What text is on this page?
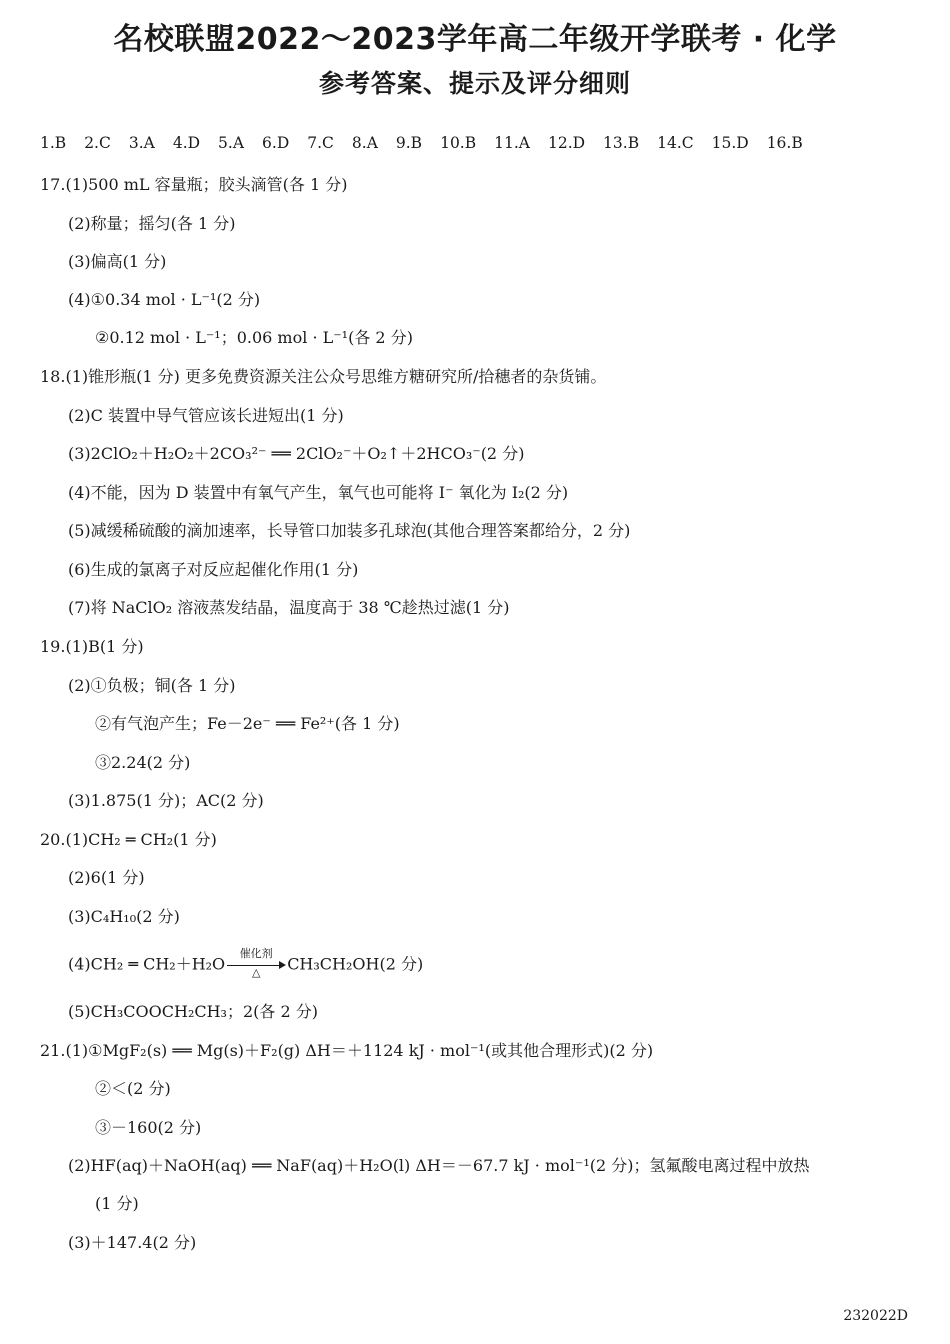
名校联盟2022～2023学年高二年级开学联考 · 化学
参考答案、提示及评分细则
1.B 2.C 3.A 4.D 5.A 6.D 7.C 8.A 9.B 10.B 11.A 12.D 13.B 14.C 15.D 16.B
17.(1)500 mL 容量瓶；胶头滴管(各 1 分)
(2)称量；摇匀(各 1 分)
(3)偏高(1 分)
(4)①0.34 mol · L⁻¹(2 分)
②0.12 mol · L⁻¹；0.06 mol · L⁻¹(各 2 分)
18.(1)锥形瓶(1 分) 更多免费资源关注公众号思维方糖研究所/拾穗者的杂货铺。
(2)C 装置中导气管应该长进短出(1 分)
(3)2ClO₂＋H₂O₂＋2CO₃²⁻ ══ 2ClO₂⁻＋O₂↑＋2HCO₃⁻(2 分)
(4)不能，因为 D 装置中有氧气产生，氧气也可能将 I⁻ 氧化为 I₂(2 分)
(5)减缓稀硫酸的滴加速率，长导管口加装多孔球泡(其他合理答案都给分，2 分)
(6)生成的氯离子对反应起催化作用(1 分)
(7)将 NaClO₂ 溶液蒸发结晶，温度高于 38 ℃趁热过滤(1 分)
19.(1)B(1 分)
(2)①负极；铜(各 1 分)
②有气泡产生；Fe－2e⁻ ══ Fe²⁺(各 1 分)
③2.24(2 分)
(3)1.875(1 分)；AC(2 分)
20.(1)CH₂ ═ CH₂(1 分)
(2)6(1 分)
(3)C₄H₁₀(2 分)
(4)CH₂ ═ CH₂＋H₂O
催化剂
△	CH₃CH₂OH(2 分)
(5)CH₃COOCH₂CH₃；2(各 2 分)
21.(1)①MgF₂(s) ══ Mg(s)＋F₂(g) ΔH＝＋1124 kJ · mol⁻¹(或其他合理形式)(2 分)
②＜(2 分)
③－160(2 分)
(2)HF(aq)＋NaOH(aq) ══ NaF(aq)＋H₂O(l) ΔH＝－67.7 kJ · mol⁻¹(2 分)；氢氟酸电离过程中放热
(1 分)
(3)＋147.4(2 分)
232022D
